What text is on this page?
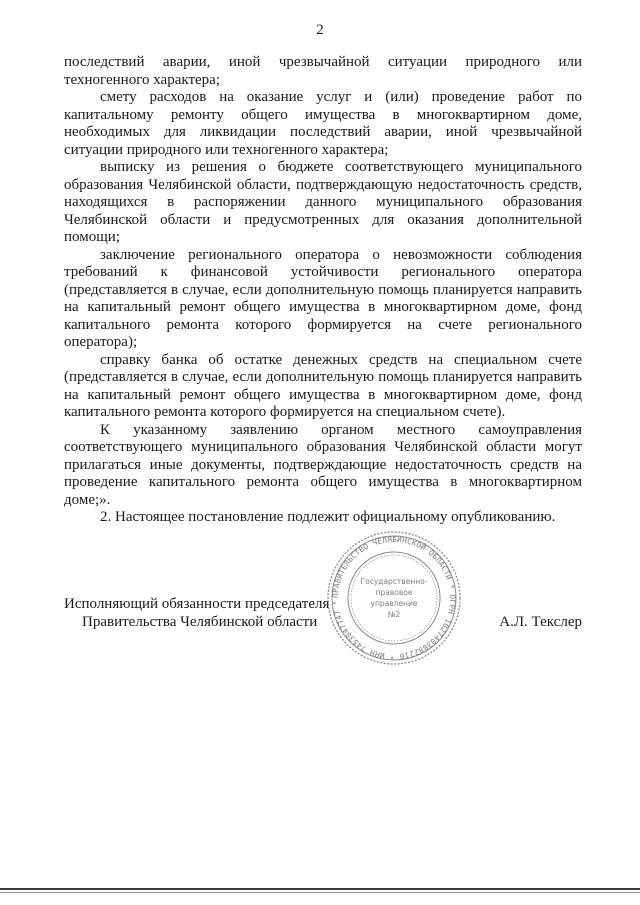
2

последствий аварии, иной чрезвычайной ситуации природного или техногенного характера;

смету расходов на оказание услуг и (или) проведение работ по капитальному ремонту общего имущества в многоквартирном доме, необходимых для ликвидации последствий аварии, иной чрезвычайной ситуации природного или техногенного характера;

выписку из решения о бюджете соответствующего муниципального образования Челябинской области, подтверждающую недостаточность средств, находящихся в распоряжении данного муниципального образования Челябинской области и предусмотренных для оказания дополнительной помощи;

заключение регионального оператора о невозможности соблюдения требований к финансовой устойчивости регионального оператора (представляется в случае, если дополнительную помощь планируется направить на капитальный ремонт общего имущества в многоквартирном доме, фонд капитального ремонта которого формируется на счете регионального оператора);

справку банка об остатке денежных средств на специальном счете (представляется в случае, если дополнительную помощь планируется направить на капитальный ремонт общего имущества в многоквартирном доме, фонд капитального ремонта которого формируется на специальном счете).

К указанному заявлению органом местного самоуправления соответствующего муниципального образования Челябинской области могут прилагаться иные документы, подтверждающие недостаточность средств на проведение капитального ремонта общего имущества в многоквартирном доме;».

2. Настоящее постановление подлежит официальному опубликованию.

Исполняющий обязанности председателя
Правительства Челябинской области	А.Л. Текслер
ПРАВИТЕЛЬСТВО ЧЕЛЯБИНСКОЙ ОБЛАСТИ * ОГРН 1027403882210 * ИНН 7453047747 *
Государственно-
правовое
управление
№2
